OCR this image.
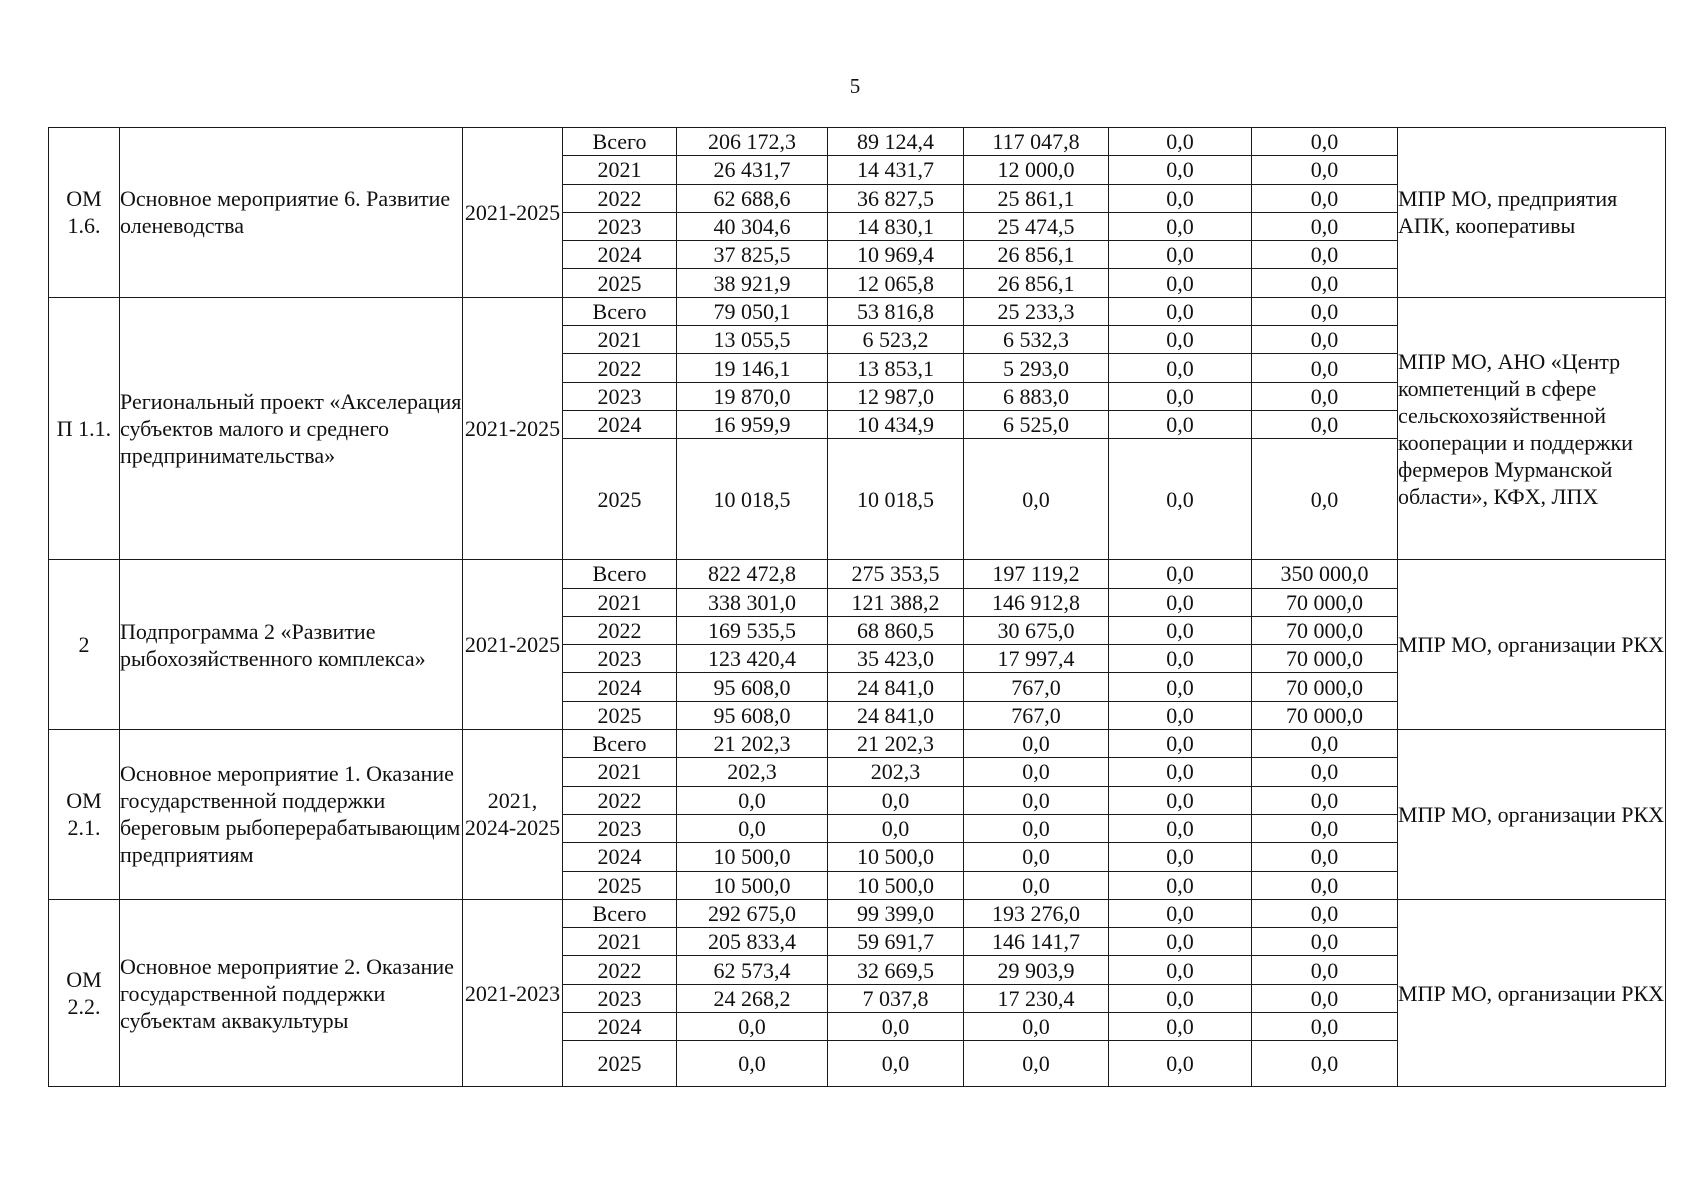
5
ОМ 1.6.	Основное мероприятие 6. Развитие оленеводства	2021-2025	Всего	206 172,3	89 124,4	117 047,8	0,0	0,0	МПР МО, предприятия АПК, кооперативы
			2021	26 431,7	14 431,7	12 000,0	0,0	0,0	
			2022	62 688,6	36 827,5	25 861,1	0,0	0,0	
			2023	40 304,6	14 830,1	25 474,5	0,0	0,0	
			2024	37 825,5	10 969,4	26 856,1	0,0	0,0	
			2025	38 921,9	12 065,8	26 856,1	0,0	0,0	
П 1.1.	Региональный проект «Акселерация субъектов малого и среднего предпринимательства»	2021-2025	Всего	79 050,1	53 816,8	25 233,3	0,0	0,0	МПР МО, АНО «Центр компетенций в сфере сельскохозяйственной кооперации и поддержки фермеров Мурманской области», КФХ, ЛПХ
			2021	13 055,5	6 523,2	6 532,3	0,0	0,0	
			2022	19 146,1	13 853,1	5 293,0	0,0	0,0	
			2023	19 870,0	12 987,0	6 883,0	0,0	0,0	
			2024	16 959,9	10 434,9	6 525,0	0,0	0,0	
			2025	10 018,5	10 018,5	0,0	0,0	0,0	
2	Подпрограмма 2 «Развитие рыбохозяйственного комплекса»	2021-2025	Всего	822 472,8	275 353,5	197 119,2	0,0	350 000,0	МПР МО, организации РКХ
			2021	338 301,0	121 388,2	146 912,8	0,0	70 000,0	
			2022	169 535,5	68 860,5	30 675,0	0,0	70 000,0	
			2023	123 420,4	35 423,0	17 997,4	0,0	70 000,0	
			2024	95 608,0	24 841,0	767,0	0,0	70 000,0	
			2025	95 608,0	24 841,0	767,0	0,0	70 000,0	
ОМ 2.1.	Основное мероприятие 1. Оказание государственной поддержки береговым рыбоперерабатывающим предприятиям	2021, 2024-2025	Всего	21 202,3	21 202,3	0,0	0,0	0,0	МПР МО, организации РКХ
			2021	202,3	202,3	0,0	0,0	0,0	
			2022	0,0	0,0	0,0	0,0	0,0	
			2023	0,0	0,0	0,0	0,0	0,0	
			2024	10 500,0	10 500,0	0,0	0,0	0,0	
			2025	10 500,0	10 500,0	0,0	0,0	0,0	
ОМ 2.2.	Основное мероприятие 2. Оказание государственной поддержки субъектам аквакультуры	2021-2023	Всего	292 675,0	99 399,0	193 276,0	0,0	0,0	МПР МО, организации РКХ
			2021	205 833,4	59 691,7	146 141,7	0,0	0,0	
			2022	62 573,4	32 669,5	29 903,9	0,0	0,0	
			2023	24 268,2	7 037,8	17 230,4	0,0	0,0	
			2024	0,0	0,0	0,0	0,0	0,0	
			2025	0,0	0,0	0,0	0,0	0,0	
